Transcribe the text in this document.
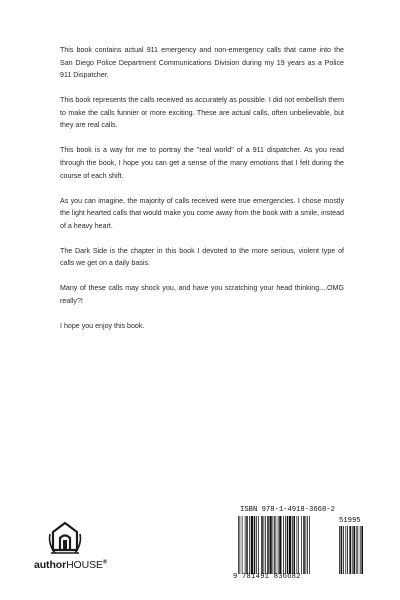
This book contains actual 911 emergency and non-emergency calls that came into the San Diego Police Department Communications Division during my 19 years as a Police 911 Dispatcher.

This book represents the calls received as accurately as possible. I did not embellish them to make the calls funnier or more exciting. These are actual calls, often unbelievable, but they are real calls.

This book is a way for me to portray the "real world" of a 911 dispatcher. As you read through the book, I hope you can get a sense of the many emotions that I felt during the course of each shift.

As you can imagine, the majority of calls received were true emergencies. I chose mostly the light hearted calls that would make you come away from the book with a smile, instead of a heavy heart.

The Dark Side is the chapter in this book I devoted to the more serious, violent type of calls we get on a daily basis.

Many of these calls may shock you, and have you scratching your head thinking....OMG really?!

I hope you enjoy this book.

authorHOUSE®
ISBN 978-1-4918-3668-2
51995
9 781491 836682
